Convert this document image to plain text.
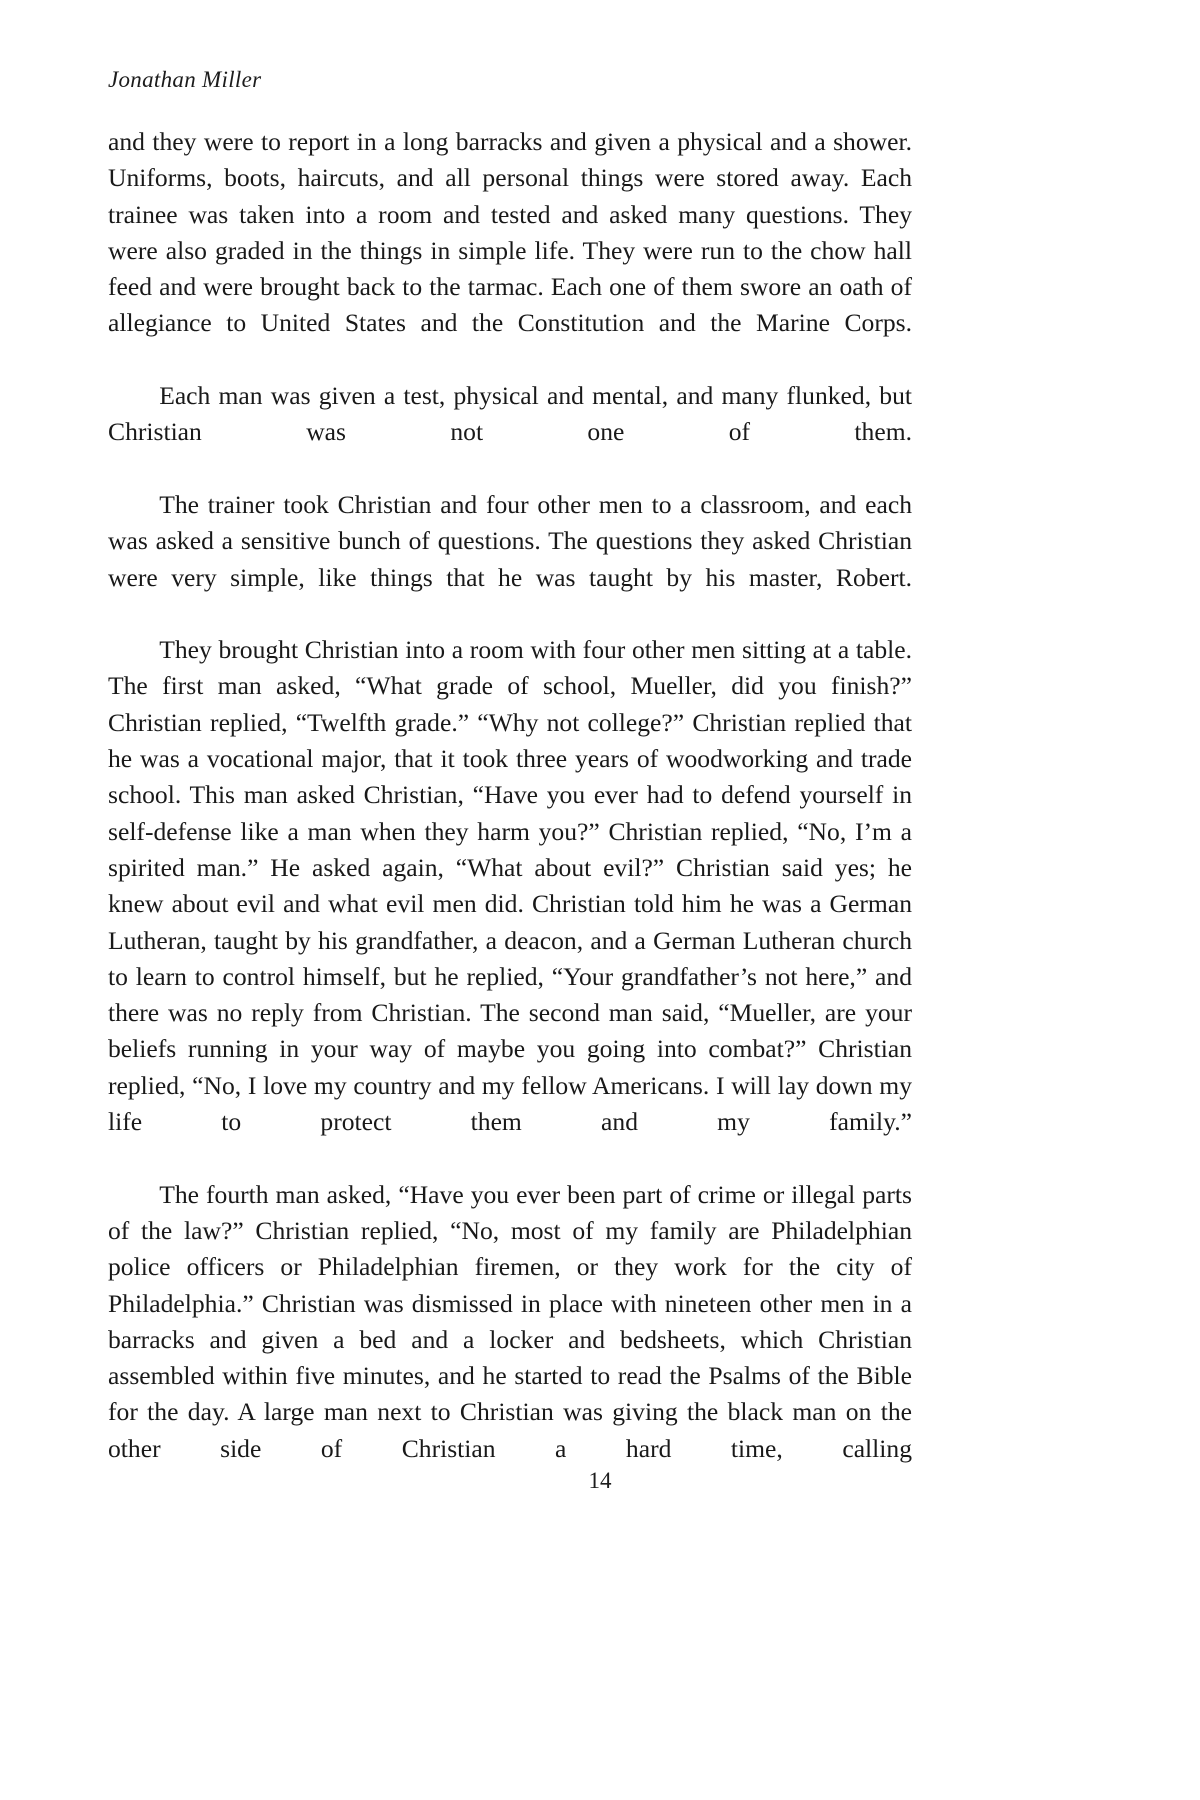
Jonathan Miller

and they were to report in a long barracks and given a physical and a shower. Uniforms, boots, haircuts, and all personal things were stored away. Each trainee was taken into a room and tested and asked many questions. They were also graded in the things in simple life. They were run to the chow hall feed and were brought back to the tarmac. Each one of them swore an oath of allegiance to United States and the Constitution and the Marine Corps.

Each man was given a test, physical and mental, and many flunked, but Christian was not one of them.

The trainer took Christian and four other men to a classroom, and each was asked a sensitive bunch of questions. The questions they asked Christian were very simple, like things that he was taught by his master, Robert.

They brought Christian into a room with four other men sitting at a table. The first man asked, “What grade of school, Mueller, did you finish?” Christian replied, “Twelfth grade.” “Why not college?” Christian replied that he was a vocational major, that it took three years of woodworking and trade school. This man asked Christian, “Have you ever had to defend yourself in self-defense like a man when they harm you?” Christian replied, “No, I’m a spirited man.” He asked again, “What about evil?” Christian said yes; he knew about evil and what evil men did. Christian told him he was a German Lutheran, taught by his grandfather, a deacon, and a German Lutheran church to learn to control himself, but he replied, “Your grandfather’s not here,” and there was no reply from Christian. The second man said, “Mueller, are your beliefs running in your way of maybe you going into combat?” Christian replied, “No, I love my country and my fellow Americans. I will lay down my life to protect them and my family.”

The fourth man asked, “Have you ever been part of crime or illegal parts of the law?” Christian replied, “No, most of my family are Philadelphian police officers or Philadelphian firemen, or they work for the city of Philadelphia.” Christian was dismissed in place with nineteen other men in a barracks and given a bed and a locker and bedsheets, which Christian assembled within five minutes, and he started to read the Psalms of the Bible for the day. A large man next to Christian was giving the black man on the other side of Christian a hard time, calling

14
